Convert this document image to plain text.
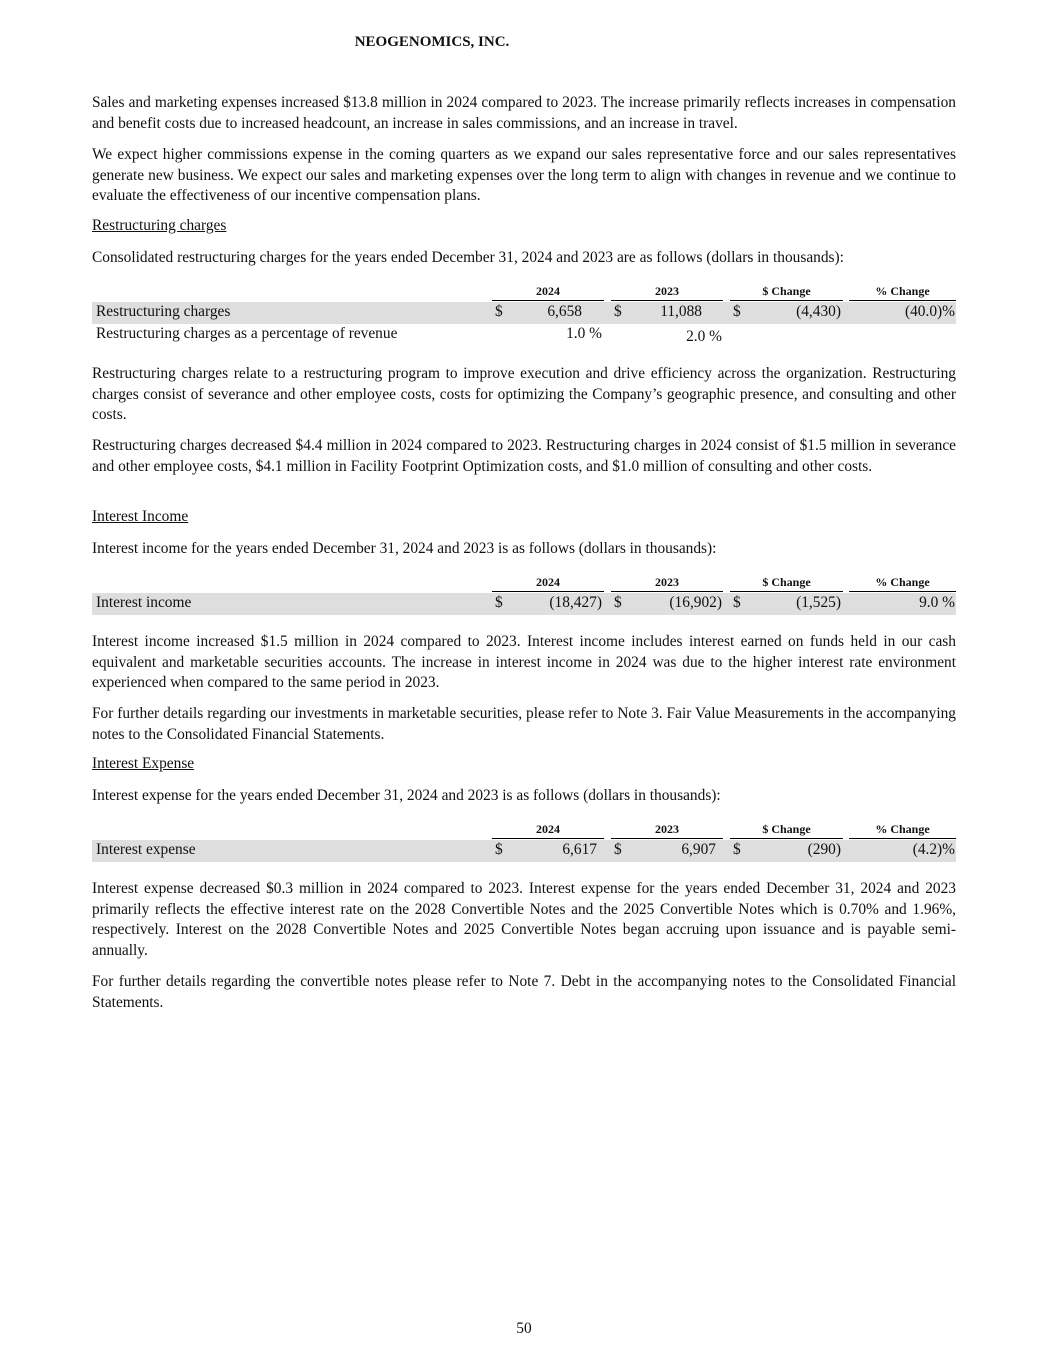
NEOGENOMICS, INC.

Sales and marketing expenses increased $13.8 million in 2024 compared to 2023. The increase primarily reflects increases in compensation and benefit costs due to increased headcount, an increase in sales commissions, and an increase in travel.

We expect higher commissions expense in the coming quarters as we expand our sales representative force and our sales representatives generate new business. We expect our sales and marketing expenses over the long term to align with changes in revenue and we continue to evaluate the effectiveness of our incentive compensation plans.

Restructuring charges

Consolidated restructuring charges for the years ended December 31, 2024 and 2023 are as follows (dollars in thousands):

2024	2023	$ Change	% Change
Restructuring charges	$	6,658 $	11,088 $	(4,430)	(40.0)%
Restructuring charges as a percentage of revenue	1.0 %	2.0 %

Restructuring charges relate to a restructuring program to improve execution and drive efficiency across the organization. Restructuring charges consist of severance and other employee costs, costs for optimizing the Company’s geographic presence, and consulting and other costs.

Restructuring charges decreased $4.4 million in 2024 compared to 2023. Restructuring charges in 2024 consist of $1.5 million in severance and other employee costs, $4.1 million in Facility Footprint Optimization costs, and $1.0 million of consulting and other costs.

Interest Income

Interest income for the years ended December 31, 2024 and 2023 is as follows (dollars in thousands):

2024	2023	$ Change	% Change
Interest income	$	(18,427) $	(16,902) $	(1,525)	9.0 %

Interest income increased $1.5 million in 2024 compared to 2023. Interest income includes interest earned on funds held in our cash equivalent and marketable securities accounts. The increase in interest income in 2024 was due to the higher interest rate environment experienced when compared to the same period in 2023.

For further details regarding our investments in marketable securities, please refer to Note 3. Fair Value Measurements in the accompanying notes to the Consolidated Financial Statements.

Interest Expense

Interest expense for the years ended December 31, 2024 and 2023 is as follows (dollars in thousands):

2024	2023	$ Change	% Change
Interest expense	$	6,617 $	6,907 $	(290)	(4.2)%

Interest expense decreased $0.3 million in 2024 compared to 2023. Interest expense for the years ended December 31, 2024 and 2023 primarily reflects the effective interest rate on the 2028 Convertible Notes and the 2025 Convertible Notes which is 0.70% and 1.96%, respectively. Interest on the 2028 Convertible Notes and 2025 Convertible Notes began accruing upon issuance and is payable semi-annually.

For further details regarding the convertible notes please refer to Note 7. Debt in the accompanying notes to the Consolidated Financial Statements.

50
